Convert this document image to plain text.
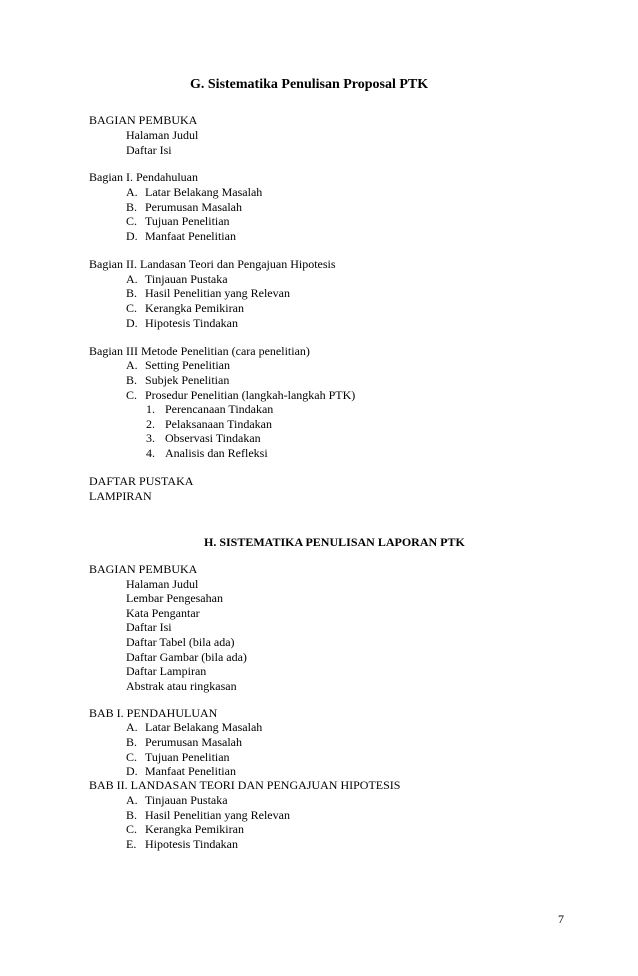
G. Sistematika Penulisan Proposal PTK
BAGIAN PEMBUKA
Halaman Judul
Daftar Isi
Bagian I. Pendahuluan
A. Latar Belakang Masalah
B. Perumusan Masalah
C. Tujuan Penelitian
D. Manfaat Penelitian
Bagian II. Landasan Teori dan Pengajuan Hipotesis
A. Tinjauan Pustaka
B. Hasil Penelitian yang Relevan
C. Kerangka Pemikiran
D. Hipotesis Tindakan
Bagian III Metode Penelitian (cara penelitian)
A. Setting Penelitian
B. Subjek Penelitian
C. Prosedur Penelitian (langkah-langkah PTK)
1. Perencanaan Tindakan
2. Pelaksanaan Tindakan
3. Observasi Tindakan
4. Analisis dan Refleksi
DAFTAR PUSTAKA
LAMPIRAN
H. SISTEMATIKA PENULISAN LAPORAN PTK
BAGIAN PEMBUKA
Halaman Judul
Lembar Pengesahan
Kata Pengantar
Daftar Isi
Daftar Tabel (bila ada)
Daftar Gambar (bila ada)
Daftar Lampiran
Abstrak atau ringkasan
BAB I. PENDAHULUAN
A. Latar Belakang Masalah
B. Perumusan Masalah
C. Tujuan Penelitian
D. Manfaat Penelitian
BAB II. LANDASAN TEORI DAN PENGAJUAN HIPOTESIS
A. Tinjauan Pustaka
B. Hasil Penelitian yang Relevan
C. Kerangka Pemikiran
E. Hipotesis Tindakan
7
